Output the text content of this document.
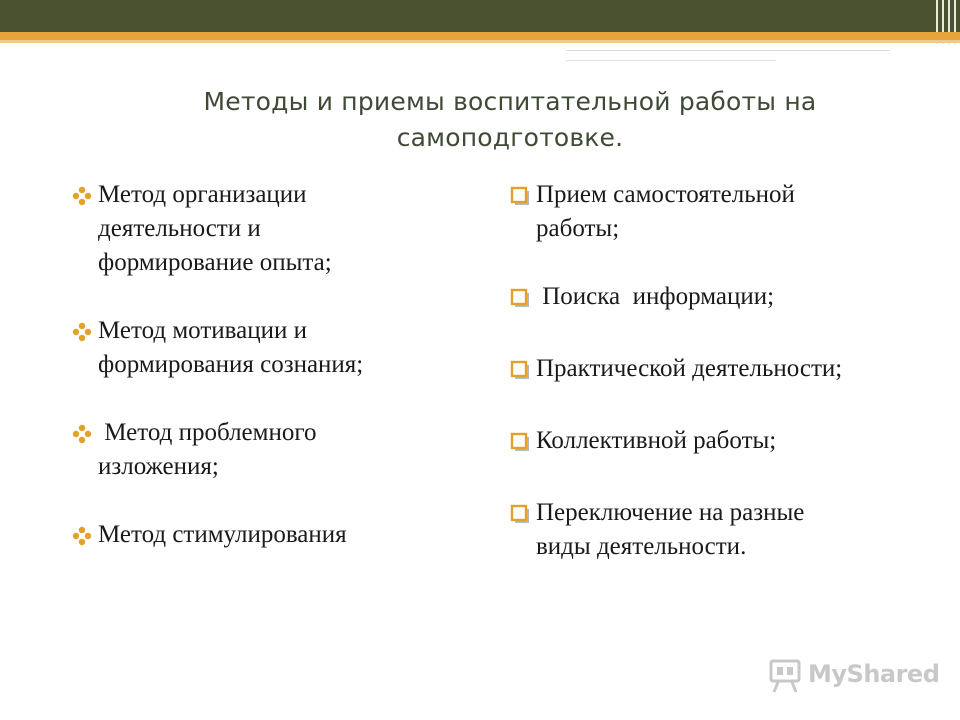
Методы и приемы воспитательной работы на
самоподготовке.
Метод организации
деятельности и
формирование опыта;
Метод мотивации и
формирования сознания;
Метод проблемного
изложения;
Метод стимулирования
Прием самостоятельной
работы;
Поиска  информации;
Практической деятельности;
Коллективной работы;
Переключение на разные
виды деятельности.
MyShared
